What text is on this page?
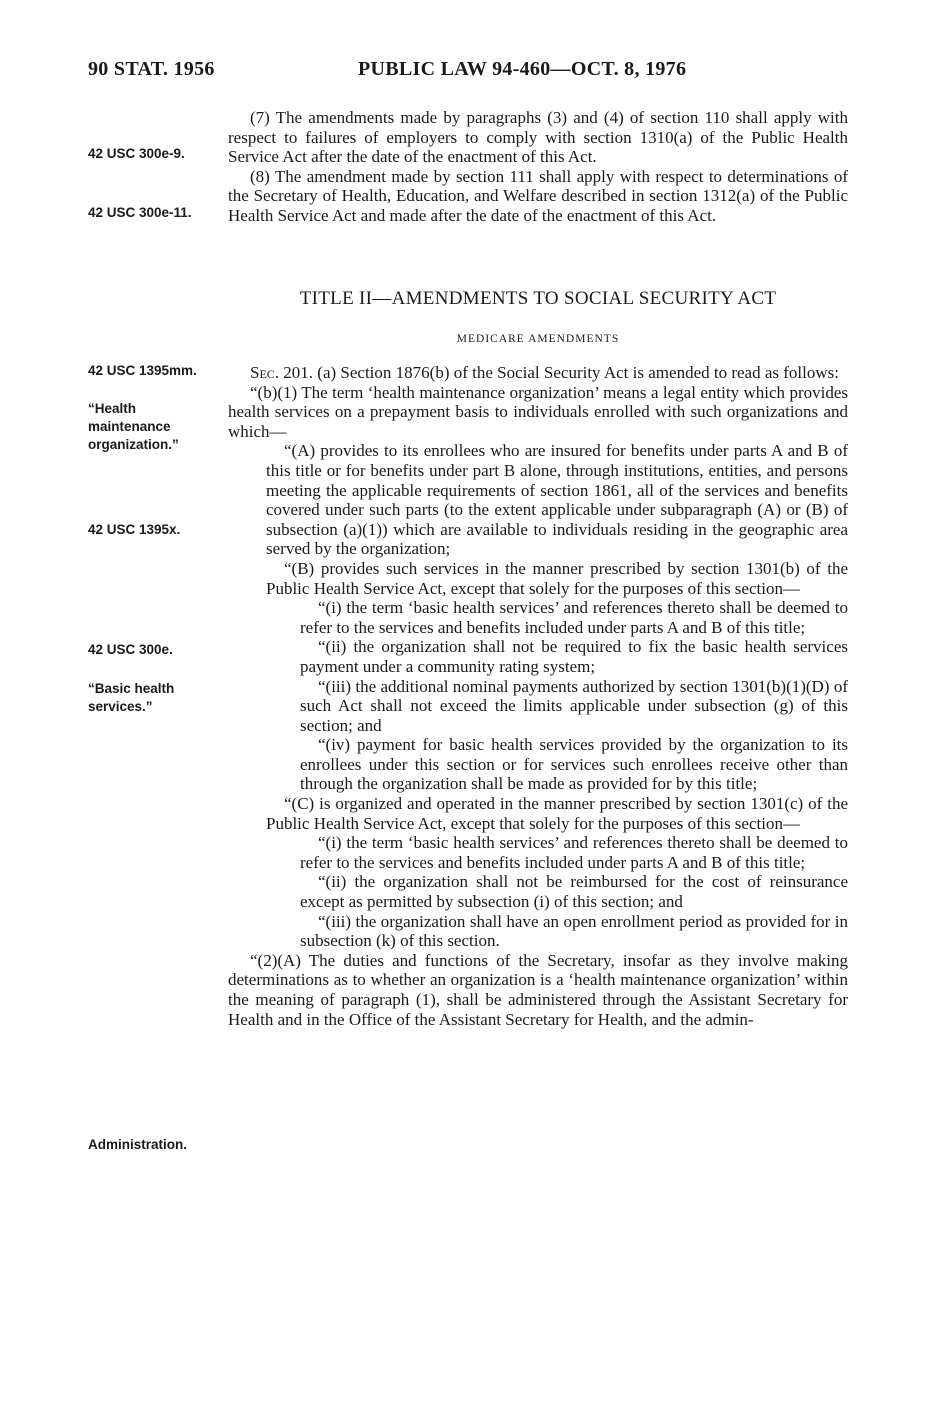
90 STAT. 1956	PUBLIC LAW 94-460—OCT. 8, 1976
42 USC 300e-9.
42 USC 300e-11.
42 USC 1395mm.
“Health maintenance organization.”
42 USC 1395x.
42 USC 300e.
“Basic health services.”
Administration.

(7) The amendments made by paragraphs (3) and (4) of section 110 shall apply with respect to failures of employers to comply with section 1310(a) of the Public Health Service Act after the date of the enactment of this Act.

(8) The amendment made by section 111 shall apply with respect to determinations of the Secretary of Health, Education, and Welfare described in section 1312(a) of the Public Health Service Act and made after the date of the enactment of this Act.

TITLE II—AMENDMENTS TO SOCIAL SECURITY ACT
MEDICARE AMENDMENTS

Sec. 201. (a) Section 1876(b) of the Social Security Act is amended to read as follows:

“(b)(1) The term ‘health maintenance organization’ means a legal entity which provides health services on a prepayment basis to individuals enrolled with such organizations and which—

“(A) provides to its enrollees who are insured for benefits under parts A and B of this title or for benefits under part B alone, through institutions, entities, and persons meeting the applicable requirements of section 1861, all of the services and benefits covered under such parts (to the extent applicable under subparagraph (A) or (B) of subsection (a)(1)) which are available to individuals residing in the geographic area served by the organization;

“(B) provides such services in the manner prescribed by section 1301(b) of the Public Health Service Act, except that solely for the purposes of this section—

“(i) the term ‘basic health services’ and references thereto shall be deemed to refer to the services and benefits included under parts A and B of this title;

“(ii) the organization shall not be required to fix the basic health services payment under a community rating system;

“(iii) the additional nominal payments authorized by section 1301(b)(1)(D) of such Act shall not exceed the limits applicable under subsection (g) of this section; and

“(iv) payment for basic health services provided by the organization to its enrollees under this section or for services such enrollees receive other than through the organization shall be made as provided for by this title;

“(C) is organized and operated in the manner prescribed by section 1301(c) of the Public Health Service Act, except that solely for the purposes of this section—

“(i) the term ‘basic health services’ and references thereto shall be deemed to refer to the services and benefits included under parts A and B of this title;

“(ii) the organization shall not be reimbursed for the cost of reinsurance except as permitted by subsection (i) of this section; and

“(iii) the organization shall have an open enrollment period as provided for in subsection (k) of this section.

“(2)(A) The duties and functions of the Secretary, insofar as they involve making determinations as to whether an organization is a ‘health maintenance organization’ within the meaning of paragraph (1), shall be administered through the Assistant Secretary for Health and in the Office of the Assistant Secretary for Health, and the admin-
